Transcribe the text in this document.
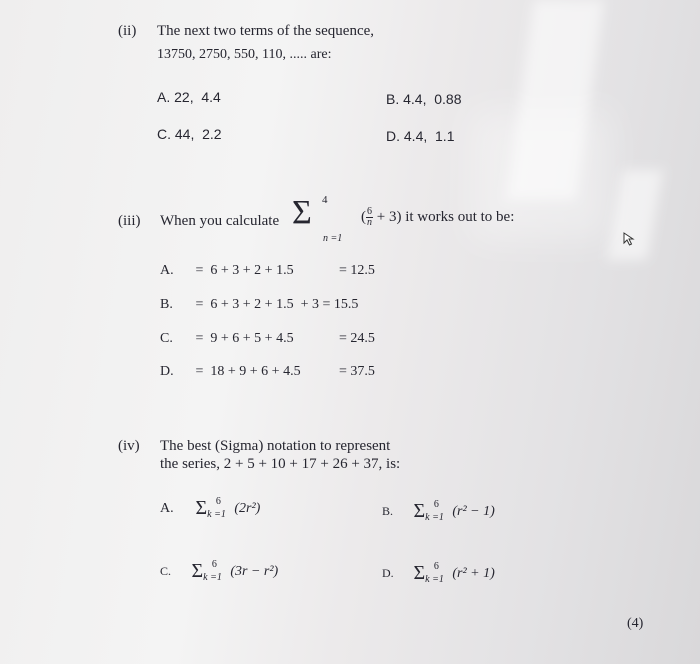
(ii) The next two terms of the sequence,
13750, 2750, 550, 110, ..... are:
A. 22,  4.4	B. 4.4,  0.88
C. 44,  2.2	D. 4.4,  1.1
(iii) When you calculate Σ 4
n =1
( $\frac{6}{n} + 3$) it works out to be:
A. =  6 + 3 + 2 + 1.5	= 12.5
B. =  6 + 3 + 2 + 1.5  + 3 = 15.5
C. =  9 + 6 + 5 + 4.5	= 24.5
D. =  18 + 9 + 6 + 4.5	= 37.5
(iv) The best (Sigma) notation to represent
the series, 2 + 5 + 10 + 17 + 26 + 37, is:
A. $\Sigma_{k =1}^6$ (2r²)	B. $\Sigma_{k =1}^6$ (r² − 1)
C. $\Sigma_{k =1}^6$ (3r − r²)	D. $\Sigma_{k =1}^6$ (r² + 1)
(4)
